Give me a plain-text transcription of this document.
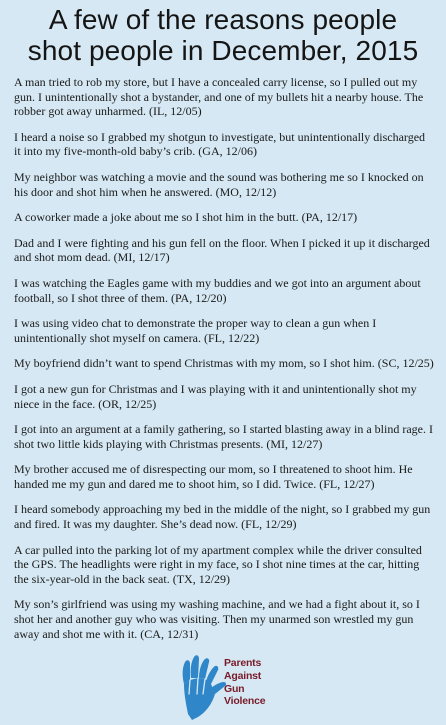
A few of the reasons people
shot people in December, 2015

A man tried to rob my store, but I have a concealed carry license, so I pulled out my gun. I unintentionally shot a bystander, and one of my bullets hit a nearby house. The robber got away unharmed. (IL, 12/05)

I heard a noise so I grabbed my shotgun to investigate, but unintentionally discharged it into my five-month-old baby’s crib. (GA, 12/06)

My neighbor was watching a movie and the sound was bothering me so I knocked on his door and shot him when he answered. (MO, 12/12)

A coworker made a joke about me so I shot him in the butt. (PA, 12/17)

Dad and I were fighting and his gun fell on the floor. When I picked it up it discharged and shot mom dead. (MI, 12/17)

I was watching the Eagles game with my buddies and we got into an argument about football, so I shot three of them. (PA, 12/20)

I was using video chat to demonstrate the proper way to clean a gun when I unintentionally shot myself on camera. (FL, 12/22)

My boyfriend didn’t want to spend Christmas with my mom, so I shot him. (SC, 12/25)

I got a new gun for Christmas and I was playing with it and unintentionally shot my niece in the face. (OR, 12/25)

I got into an argument at a family gathering, so I started blasting away in a blind rage. I shot two little kids playing with Christmas presents. (MI, 12/27)

My brother accused me of disrespecting our mom, so I threatened to shoot him. He handed me my gun and dared me to shoot him, so I did. Twice. (FL, 12/27)

I heard somebody approaching my bed in the middle of the night, so I grabbed my gun and fired. It was my daughter. She’s dead now. (FL, 12/29)

A car pulled into the parking lot of my apartment complex while the driver consulted the GPS. The headlights were right in my face, so I shot nine times at the car, hitting the six-year-old in the back seat. (TX, 12/29)

My son’s girlfriend was using my washing machine, and we had a fight about it, so I shot her and another guy who was visiting. Then my unarmed son wrestled my gun away and shot me with it. (CA, 12/31)

Parents
Against
Gun
Violence
